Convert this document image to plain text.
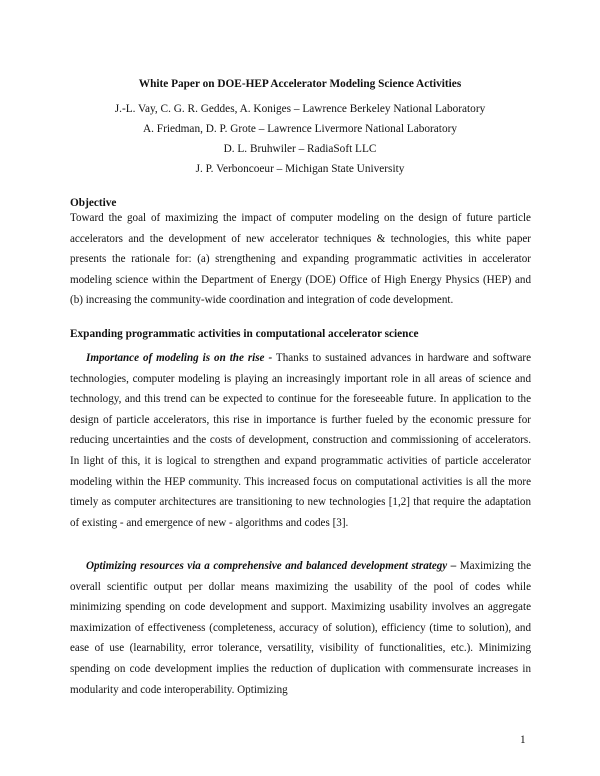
White Paper on DOE-HEP Accelerator Modeling Science Activities
J.-L. Vay, C. G. R. Geddes, A. Koniges – Lawrence Berkeley National Laboratory
A. Friedman, D. P. Grote – Lawrence Livermore National Laboratory
D. L. Bruhwiler – RadiaSoft LLC
J. P. Verboncoeur – Michigan State University
Objective
Toward the goal of maximizing the impact of computer modeling on the design of future particle accelerators and the development of new accelerator techniques & technologies, this white paper presents the rationale for: (a) strengthening and expanding programmatic activities in accelerator modeling science within the Department of Energy (DOE) Office of High Energy Physics (HEP) and (b) increasing the community-wide coordination and integration of code development.
Expanding programmatic activities in computational accelerator science
Importance of modeling is on the rise - Thanks to sustained advances in hardware and software technologies, computer modeling is playing an increasingly important role in all areas of science and technology, and this trend can be expected to continue for the foreseeable future. In application to the design of particle accelerators, this rise in importance is further fueled by the economic pressure for reducing uncertainties and the costs of development, construction and commissioning of accelerators. In light of this, it is logical to strengthen and expand programmatic activities of particle accelerator modeling within the HEP community. This increased focus on computational activities is all the more timely as computer architectures are transitioning to new technologies [1,2] that require the adaptation of existing - and emergence of new - algorithms and codes [3].
Optimizing resources via a comprehensive and balanced development strategy – Maximizing the overall scientific output per dollar means maximizing the usability of the pool of codes while minimizing spending on code development and support. Maximizing usability involves an aggregate maximization of effectiveness (completeness, accuracy of solution), efficiency (time to solution), and ease of use (learnability, error tolerance, versatility, visibility of functionalities, etc.). Minimizing spending on code development implies the reduction of duplication with commensurate increases in modularity and code interoperability. Optimizing
1
